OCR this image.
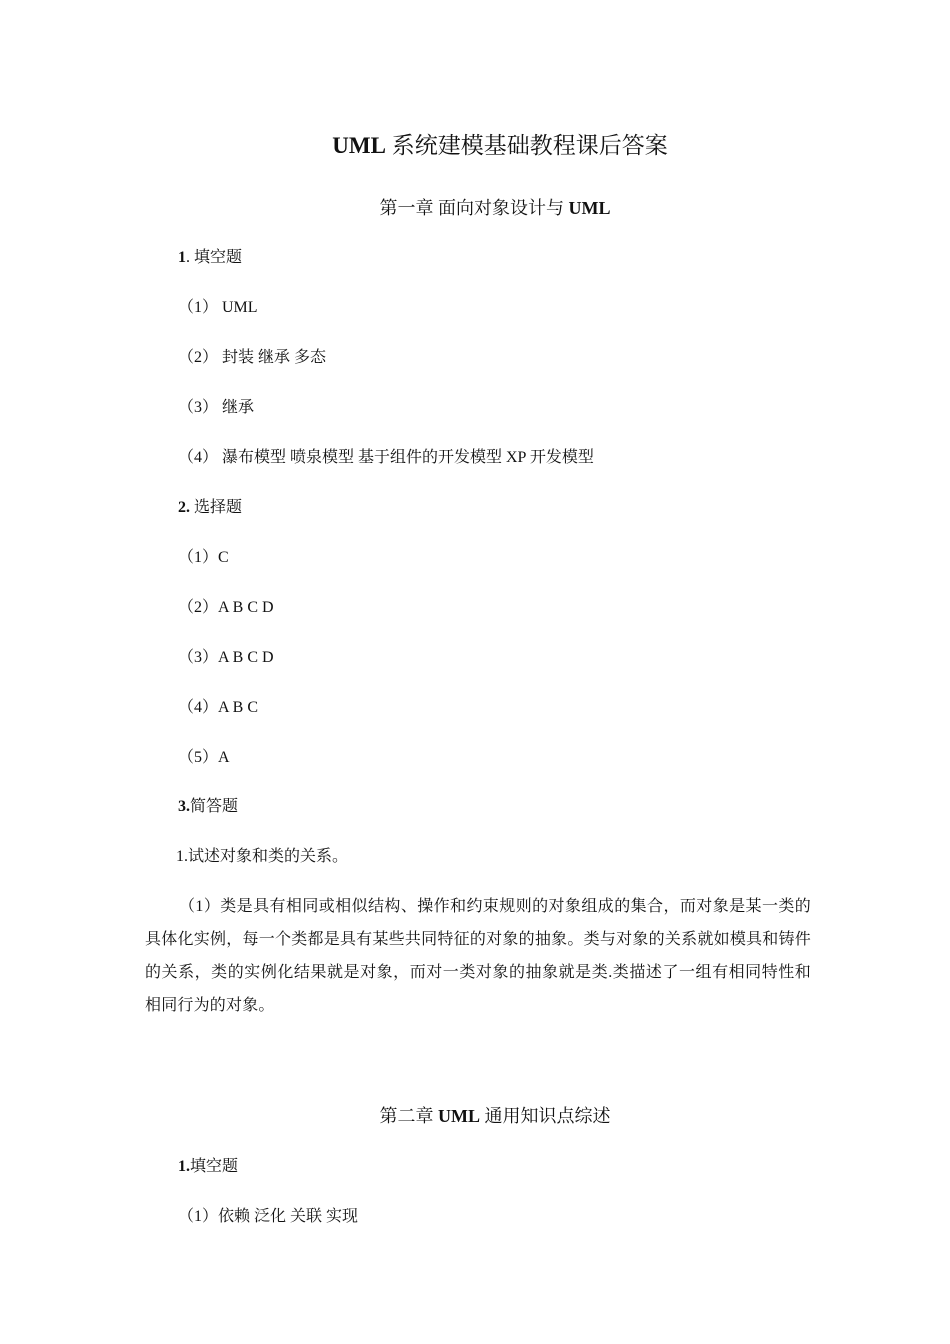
UML 系统建模基础教程课后答案
第一章 面向对象设计与 UML

1. 填空题

（1） UML

（2） 封装 继承 多态

（3） 继承

（4） 瀑布模型 喷泉模型 基于组件的开发模型 XP 开发模型

2. 选择题

（1）C

（2）A B C D

（3）A B C D

（4）A B C

（5）A

3.简答题

1.试述对象和类的关系。

（1）类是具有相同或相似结构、操作和约束规则的对象组成的集合，而对象是某一类的具体化实例，每一个类都是具有某些共同特征的对象的抽象。类与对象的关系就如模具和铸件的关系，类的实例化结果就是对象，而对一类对象的抽象就是类.类描述了一组有相同特性和相同行为的对象。

第二章 UML 通用知识点综述

1.填空题

（1）依赖 泛化 关联 实现
